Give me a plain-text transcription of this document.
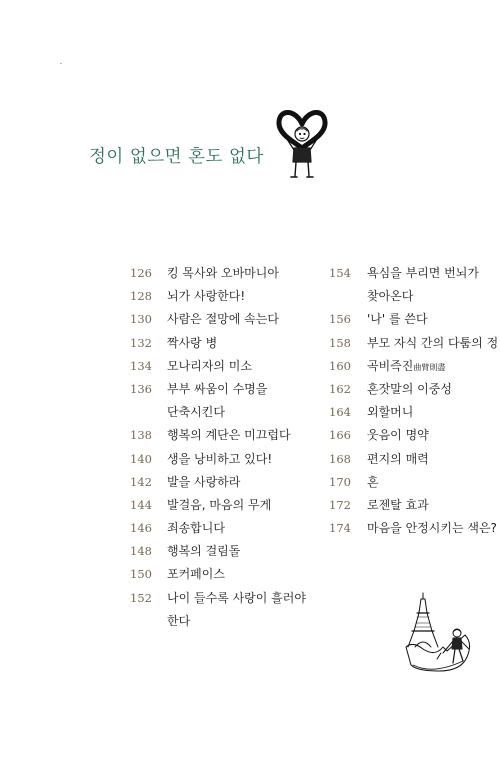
정이 없으면 혼도 없다
126 킹 목사와 오바마니아
128 뇌가 사랑한다!
130 사람은 절망에 속는다
132 짝사랑 병
134 모나리자의 미소
136 부부 싸움이 수명을
단축시킨다
138 행복의 계단은 미끄럽다
140 생을 낭비하고 있다!
142 발을 사랑하라
144 발걸음, 마음의 무게
146 죄송합니다
148 행복의 걸림돌
150 포커페이스
152 나이 들수록 사랑이 흘러야
한다
154 욕심을 부리면 번뇌가
찾아온다
156 '나' 를 쓴다
158 부모 자식 간의 다툼의 정
160 곡비즉진曲臂則盡
162 혼잣말의 이중성
164 외할머니
166 웃음이 명약
168 편지의 매력
170 혼
172 로젠탈 효과
174 마음을 안정시키는 색은?
